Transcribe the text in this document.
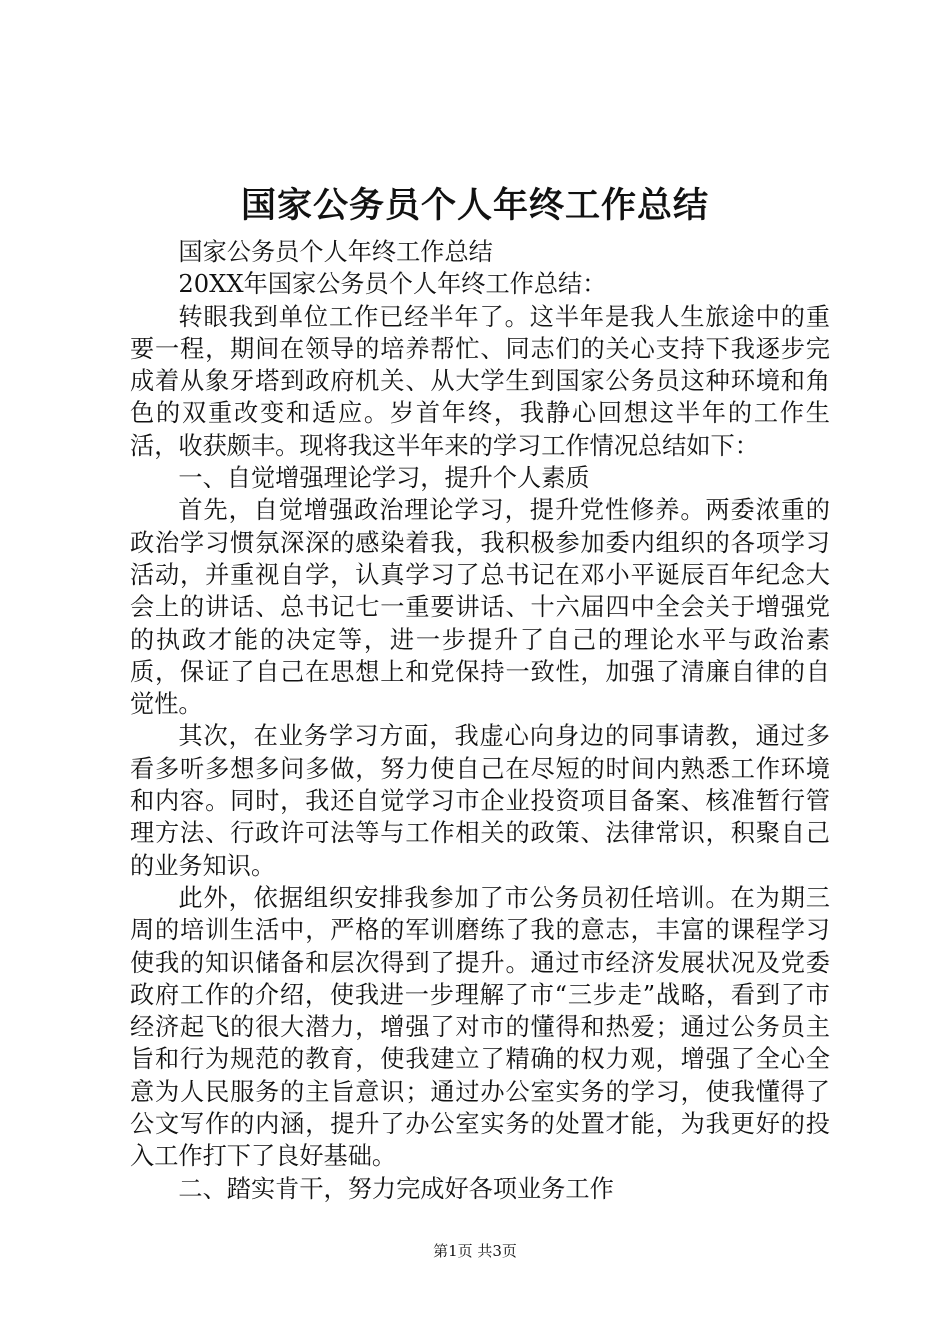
国家公务员个人年终工作总结

国家公务员个人年终工作总结

20XX年国家公务员个人年终工作总结：

转眼我到单位工作已经半年了。这半年是我人生旅途中的重要一程，期间在领导的培养帮忙、同志们的关心支持下我逐步完成着从象牙塔到政府机关、从大学生到国家公务员这种环境和角色的双重改变和适应。岁首年终，我静心回想这半年的工作生活，收获颇丰。现将我这半年来的学习工作情况总结如下：

一、自觉增强理论学习，提升个人素质

首先，自觉增强政治理论学习，提升党性修养。两委浓重的政治学习惯氛深深的感染着我，我积极参加委内组织的各项学习活动，并重视自学，认真学习了总书记在邓小平诞辰百年纪念大会上的讲话、总书记七一重要讲话、十六届四中全会关于增强党的执政才能的决定等，进一步提升了自己的理论水平与政治素质，保证了自己在思想上和党保持一致性，加强了清廉自律的自觉性。

其次，在业务学习方面，我虚心向身边的同事请教，通过多看多听多想多问多做，努力使自己在尽短的时间内熟悉工作环境和内容。同时，我还自觉学习市企业投资项目备案、核准暂行管理方法、行政许可法等与工作相关的政策、法律常识，积聚自己的业务知识。

此外，依据组织安排我参加了市公务员初任培训。在为期三周的培训生活中，严格的军训磨练了我的意志，丰富的课程学习使我的知识储备和层次得到了提升。通过市经济发展状况及党委政府工作的介绍，使我进一步理解了市“三步走”战略，看到了市经济起飞的很大潜力，增强了对市的懂得和热爱；通过公务员主旨和行为规范的教育，使我建立了精确的权力观，增强了全心全意为人民服务的主旨意识；通过办公室实务的学习，使我懂得了公文写作的内涵，提升了办公室实务的处置才能，为我更好的投入工作打下了良好基础。

二、踏实肯干，努力完成好各项业务工作

第1页 共3页
